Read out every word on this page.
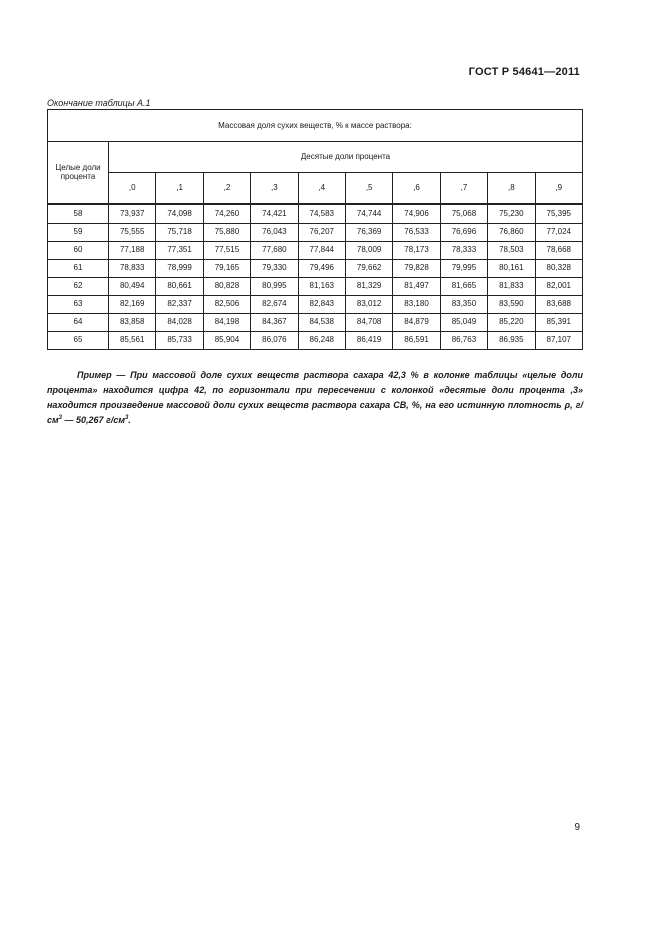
ГОСТ Р 54641—2011
Окончание таблицы А.1
Массовая доля сухих веществ, % к массе раствора:										
Целые доли процента	Десятые доли процента									
	,0	,1	,2	,3	,4	,5	,6	,7	,8	,9
58	73,937	74,098	74,260	74,421	74,583	74,744	74,906	75,068	75,230	75,395
59	75,555	75,718	75,880	76,043	76,207	76,369	76,533	76,696	76,860	77,024
60	77,188	77,351	77,515	77,680	77,844	78,009	78,173	78,333	78,503	78,668
61	78,833	78,999	79,165	79,330	79,496	79,662	79,828	79,995	80,161	80,328
62	80,494	80,661	80,828	80,995	81,163	81,329	81,497	81,665	81,833	82,001
63	82,169	82,337	82,506	82,674	82,843	83,012	83,180	83,350	83,590	83,688
64	83,858	84,028	84,198	84,367	84,538	84,708	84,879	85,049	85,220	85,391
65	85,561	85,733	85,904	86,076	86,248	86,419	86,591	86,763	86,935	87,107
Пример — При массовой доле сухих веществ раствора сахара 42,3 % в колонке таблицы «целые доли процента» находится цифра 42, по горизонтали при пересечении с колонкой «десятые доли процента ,3» находится произведение массовой доли сухих веществ раствора сахара СВ, %, на его истинную плотность ρ, $г/см^3$ — 50,267 $г/см^3$.
9
